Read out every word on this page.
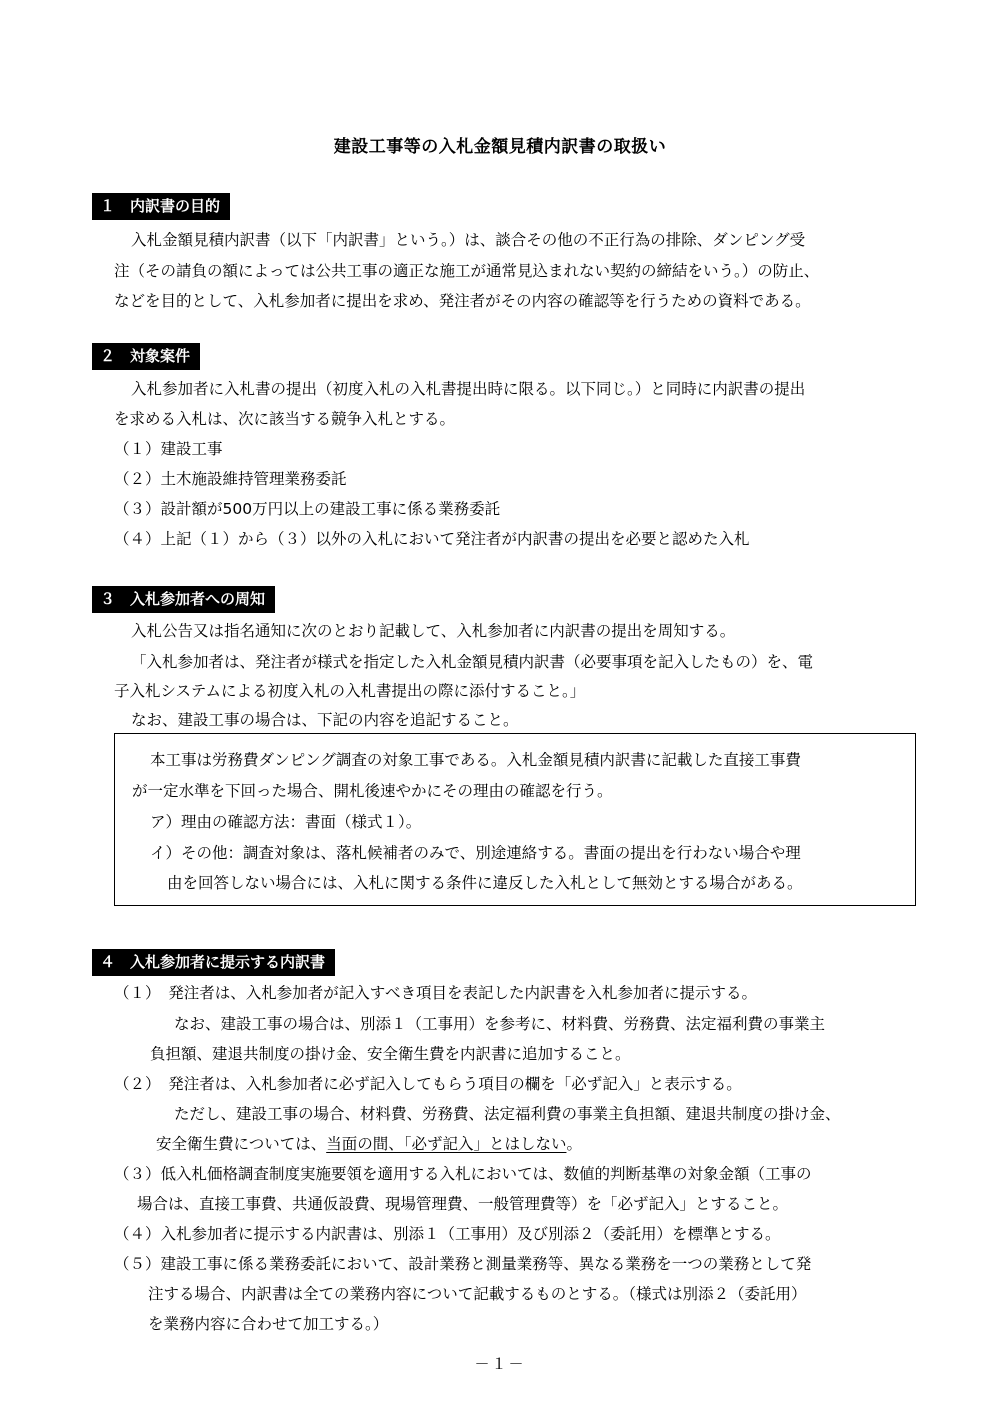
建設工事等の入札金額見積内訳書の取扱い
１ 内訳書の目的
入札金額見積内訳書（以下「内訳書」という。）は、談合その他の不正行為の排除、ダンピング受
注（その請負の額によっては公共工事の適正な施工が通常見込まれない契約の締結をいう。）の防止、
などを目的として、入札参加者に提出を求め、発注者がその内容の確認等を行うための資料である。
２ 対象案件
入札参加者に入札書の提出（初度入札の入札書提出時に限る。以下同じ。）と同時に内訳書の提出
を求める入札は、次に該当する競争入札とする。
（１）建設工事
（２）土木施設維持管理業務委託
（３）設計額が500万円以上の建設工事に係る業務委託
（４）上記（１）から（３）以外の入札において発注者が内訳書の提出を必要と認めた入札
３ 入札参加者への周知
入札公告又は指名通知に次のとおり記載して、入札参加者に内訳書の提出を周知する。
「入札参加者は、発注者が様式を指定した入札金額見積内訳書（必要事項を記入したもの）を、電
子入札システムによる初度入札の入札書提出の際に添付すること。」
なお、建設工事の場合は、下記の内容を追記すること。
本工事は労務費ダンピング調査の対象工事である。入札金額見積内訳書に記載した直接工事費
が一定水準を下回った場合、開札後速やかにその理由の確認を行う。
ア）理由の確認方法：書面（様式１）。
イ）その他：調査対象は、落札候補者のみで、別途連絡する。書面の提出を行わない場合や理
由を回答しない場合には、入札に関する条件に違反した入札として無効とする場合がある。
４ 入札参加者に提示する内訳書
（１）　発注者は、入札参加者が記入すべき項目を表記した内訳書を入札参加者に提示する。
なお、建設工事の場合は、別添１（工事用）を参考に、材料費、労務費、法定福利費の事業主
負担額、建退共制度の掛け金、安全衛生費を内訳書に追加すること。
（２）　発注者は、入札参加者に必ず記入してもらう項目の欄を「必ず記入」と表示する。
ただし、建設工事の場合、材料費、労務費、法定福利費の事業主負担額、建退共制度の掛け金、
安全衛生費については、当面の間、「必ず記入」とはしない。
（３）低入札価格調査制度実施要領を適用する入札においては、数値的判断基準の対象金額（工事の
場合は、直接工事費、共通仮設費、現場管理費、一般管理費等）を「必ず記入」とすること。
（４）入札参加者に提示する内訳書は、別添１（工事用）及び別添２（委託用）を標準とする。
（５）建設工事に係る業務委託において、設計業務と測量業務等、異なる業務を一つの業務として発
注する場合、内訳書は全ての業務内容について記載するものとする。（様式は別添２（委託用）
を業務内容に合わせて加工する。）
－１－
